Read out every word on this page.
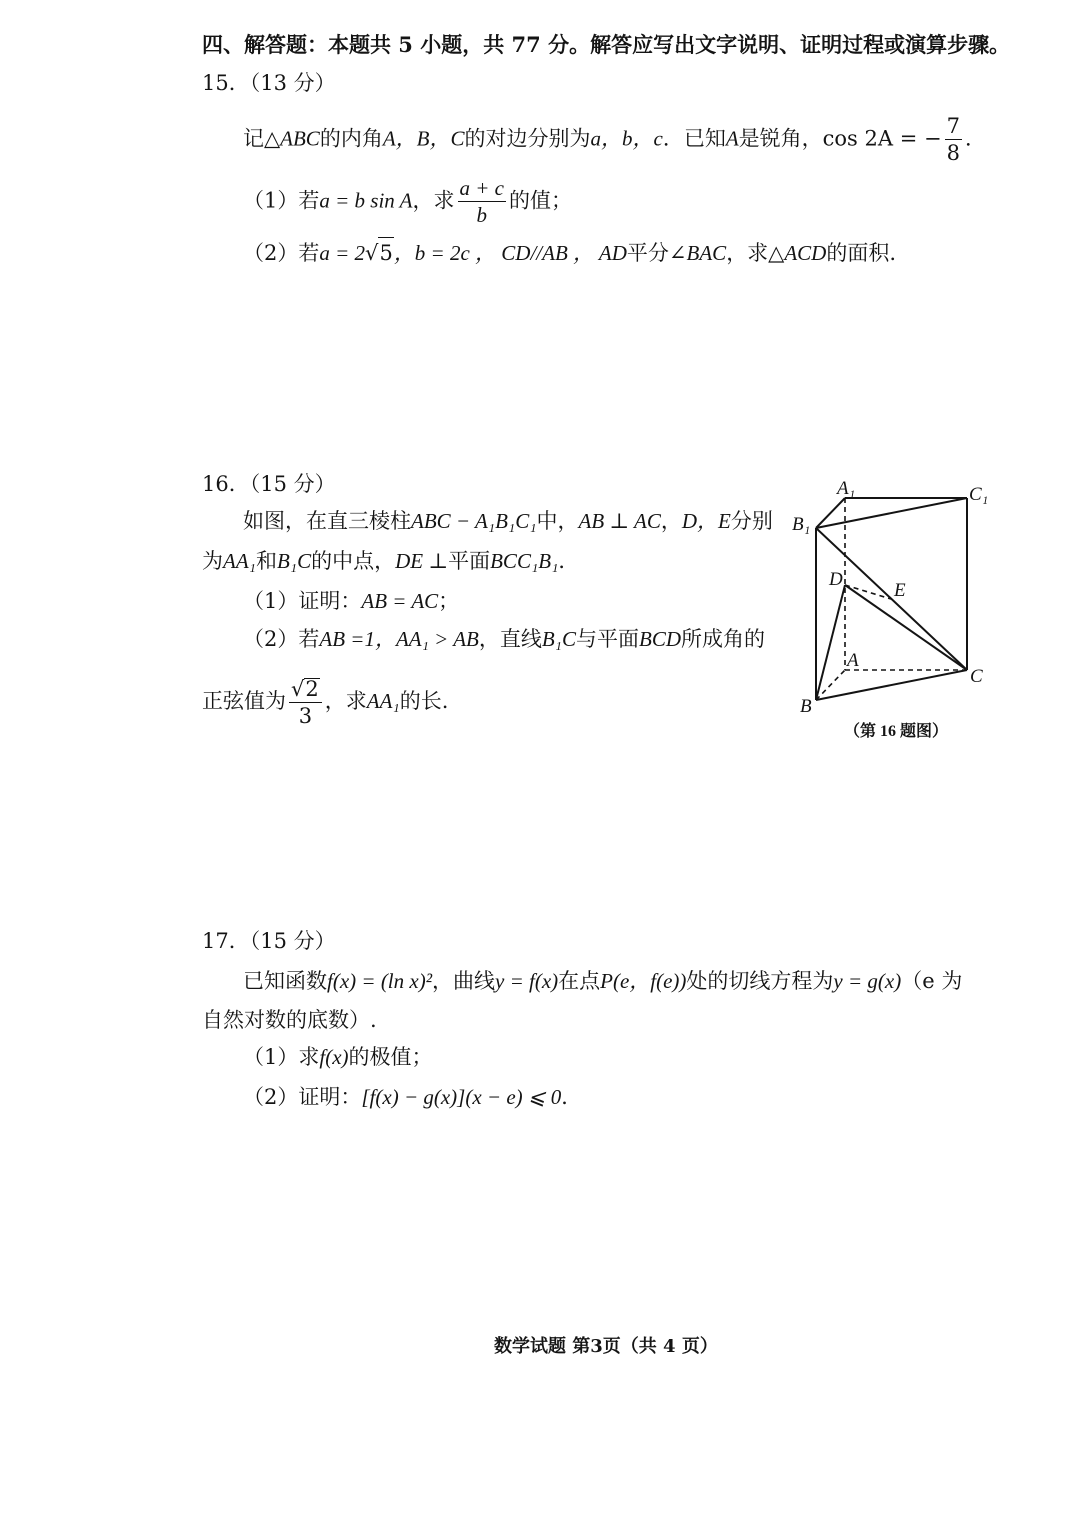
四、解答题：本题共 5 小题，共 77 分。解答应写出文字说明、证明过程或演算步骤。
15．（13 分）
记△ABC的内角A，B，C的对边分别为a，b，c．已知A是锐角，cos 2A = − $\frac{7}{8}$ ．
（1）若a = b sin A，求 $\frac{a + c}{b}$ 的值；
（2）若a = 2√5，b = 2c ， CD//AB ， AD平分∠BAC，求△ACD的面积.
16．（15 分）
如图，在直三棱柱ABC − A₁B₁C₁中，AB ⊥ AC，D，E分别
为AA₁和B₁C的中点，DE ⊥平面BCC₁B₁．
（1）证明：AB = AC；
（2）若AB =1，AA₁ > AB，直线B₁C与平面BCD所成角的
正弦值为 $\frac{√2}{3}$ ，求AA₁的长.
A₁	C₁
B₁
D
E
A
C
B
（第 16 题图）
17．（15 分）
已知函数f(x) = (ln x)²，曲线y = f(x)在点P(e，f(e))处的切线方程为y = g(x)（e 为
自然对数的底数）.
（1）求f(x)的极值；
（2）证明：[f(x) − g(x)](x − e) ⩽ 0．
数学试题 第3页（共 4 页）
